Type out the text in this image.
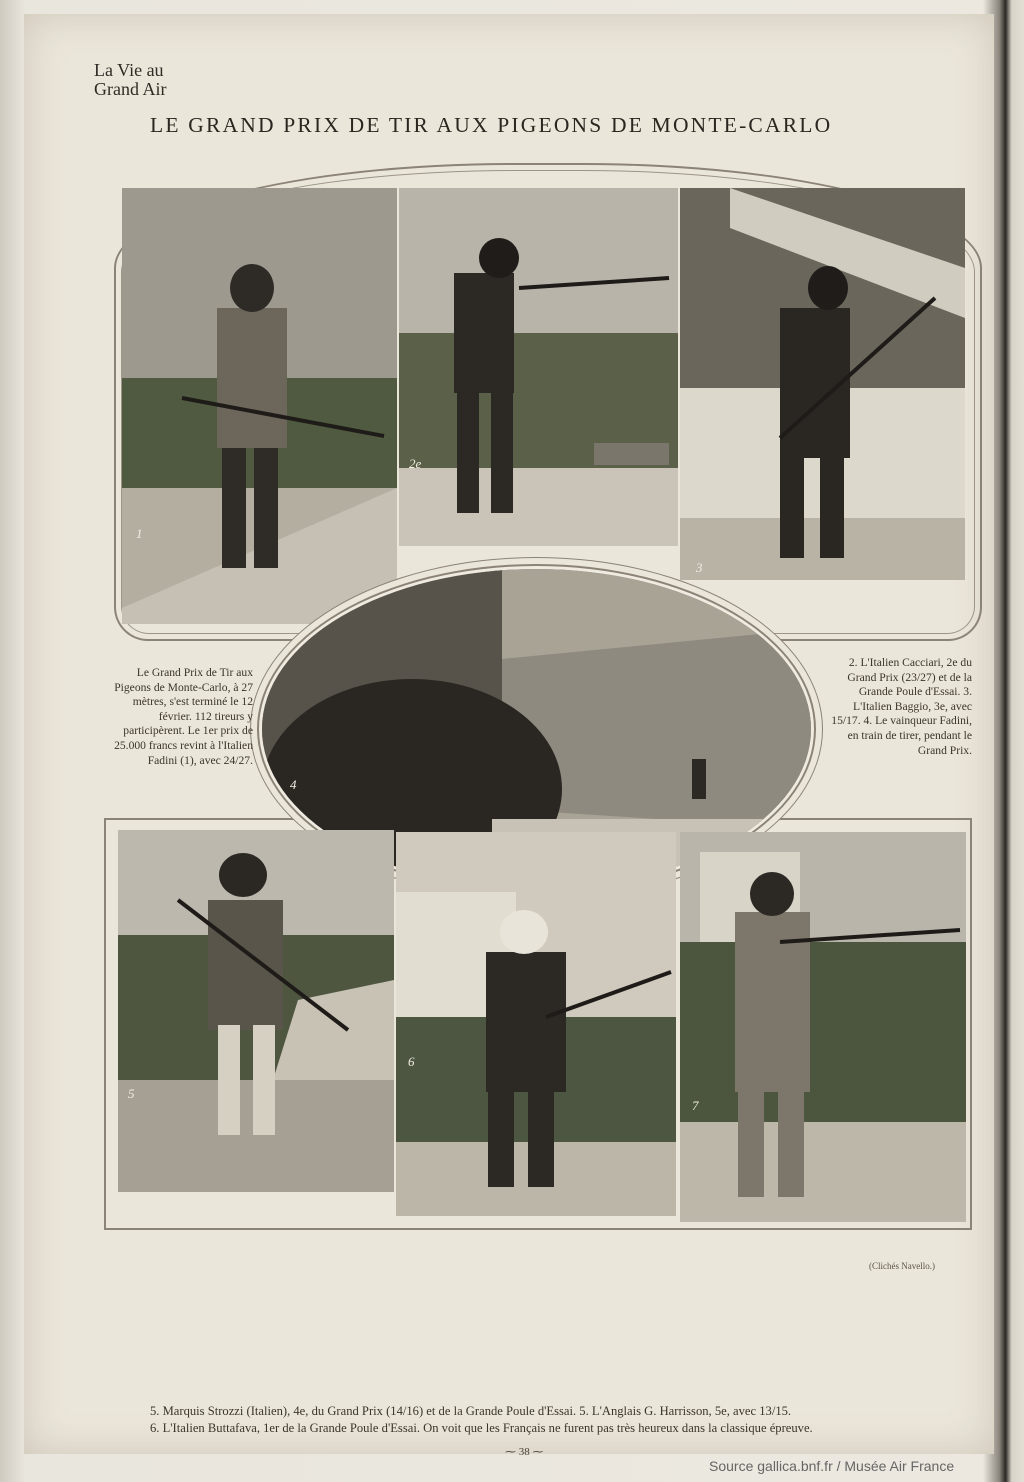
La Vie au
Grand Air
LE GRAND PRIX DE TIR AUX PIGEONS DE MONTE-CARLO
1
2e
3
4
Le Grand Prix de Tir aux Pigeons de Monte-Carlo, à 27 mètres, s'est terminé le 12 février. 112 tireurs y participèrent. Le 1er prix de 25.000 francs revint à l'Italien Fadini (1), avec 24/27.
2. L'Italien Cacciari, 2e du Grand Prix (23/27) et de la Grande Poule d'Essai. 3. L'Italien Baggio, 3e, avec 15/17. 4. Le vainqueur Fadini, en train de tirer, pendant le Grand Prix.
5
6
7
(Clichés Navello.)
5. Marquis Strozzi (Italien), 4e, du Grand Prix (14/16) et de la Grande Poule d'Essai. 5. L'Anglais G. Harrisson, 5e, avec 13/15.
6. L'Italien Buttafava, 1er de la Grande Poule d'Essai. On voit que les Français ne furent pas très heureux dans la classique épreuve.
⁓ 38 ⁓
Source gallica.bnf.fr / Musée Air France
